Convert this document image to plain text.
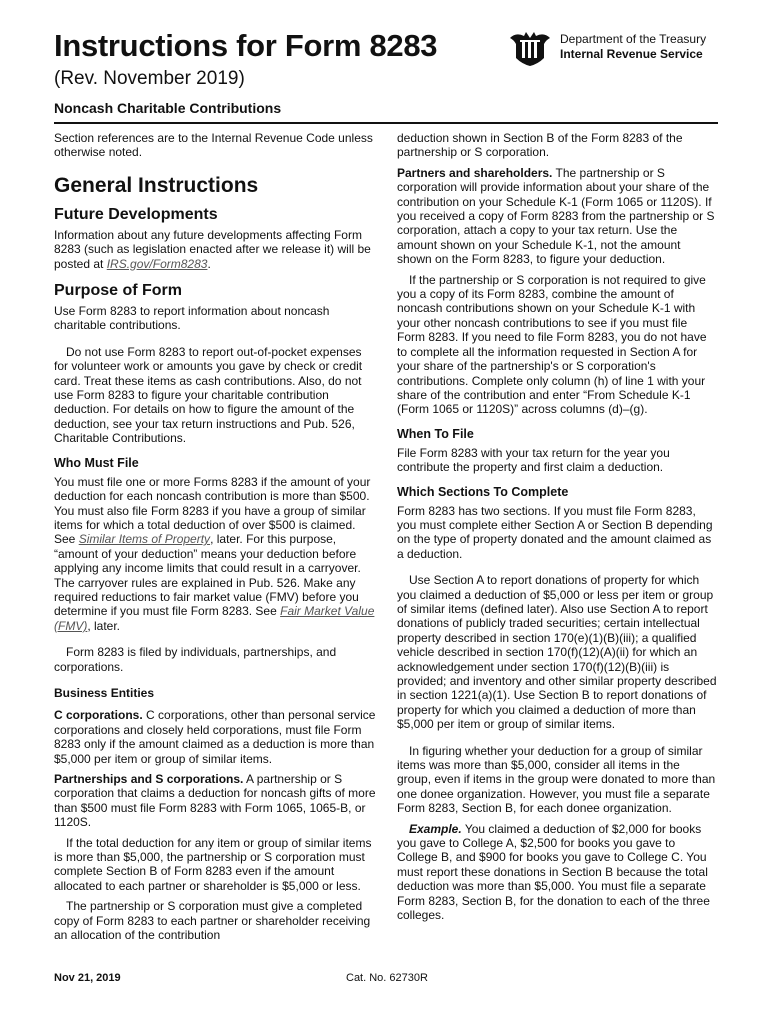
Instructions for Form 8283
(Rev. November 2019)
Noncash Charitable Contributions
Department of the Treasury
Internal Revenue Service

Section references are to the Internal Revenue Code unless otherwise noted.

General Instructions
Future Developments

Information about any future developments affecting Form 8283 (such as legislation enacted after we release it) will be posted at IRS.gov/Form8283.

Purpose of Form

Use Form 8283 to report information about noncash charitable contributions.

Do not use Form 8283 to report out-of-pocket expenses for volunteer work or amounts you gave by check or credit card. Treat these items as cash contributions. Also, do not use Form 8283 to figure your charitable contribution deduction. For details on how to figure the amount of the deduction, see your tax return instructions and Pub. 526, Charitable Contributions.

Who Must File

You must file one or more Forms 8283 if the amount of your deduction for each noncash contribution is more than $500. You must also file Form 8283 if you have a group of similar items for which a total deduction of over $500 is claimed. See Similar Items of Property, later. For this purpose, “amount of your deduction” means your deduction before applying any income limits that could result in a carryover. The carryover rules are explained in Pub. 526. Make any required reductions to fair market value (FMV) before you determine if you must file Form 8283. See Fair Market Value (FMV), later.

Form 8283 is filed by individuals, partnerships, and corporations.

Business Entities

C corporations. C corporations, other than personal service corporations and closely held corporations, must file Form 8283 only if the amount claimed as a deduction is more than $5,000 per item or group of similar items.

Partnerships and S corporations. A partnership or S corporation that claims a deduction for noncash gifts of more than $500 must file Form 8283 with Form 1065, 1065-B, or 1120S.

If the total deduction for any item or group of similar items is more than $5,000, the partnership or S corporation must complete Section B of Form 8283 even if the amount allocated to each partner or shareholder is $5,000 or less.

The partnership or S corporation must give a completed copy of Form 8283 to each partner or shareholder receiving an allocation of the contribution

deduction shown in Section B of the Form 8283 of the partnership or S corporation.

Partners and shareholders. The partnership or S corporation will provide information about your share of the contribution on your Schedule K-1 (Form 1065 or 1120S). If you received a copy of Form 8283 from the partnership or S corporation, attach a copy to your tax return. Use the amount shown on your Schedule K-1, not the amount shown on the Form 8283, to figure your deduction.

If the partnership or S corporation is not required to give you a copy of its Form 8283, combine the amount of noncash contributions shown on your Schedule K-1 with your other noncash contributions to see if you must file Form 8283. If you need to file Form 8283, you do not have to complete all the information requested in Section A for your share of the partnership's or S corporation's contributions. Complete only column (h) of line 1 with your share of the contribution and enter “From Schedule K-1 (Form 1065 or 1120S)” across columns (d)–(g).

When To File

File Form 8283 with your tax return for the year you contribute the property and first claim a deduction.

Which Sections To Complete

Form 8283 has two sections. If you must file Form 8283, you must complete either Section A or Section B depending on the type of property donated and the amount claimed as a deduction.

Use Section A to report donations of property for which you claimed a deduction of $5,000 or less per item or group of similar items (defined later). Also use Section A to report donations of publicly traded securities; certain intellectual property described in section 170(e)(1)(B)(iii); a qualified vehicle described in section 170(f)(12)(A)(ii) for which an acknowledgement under section 170(f)(12)(B)(iii) is provided; and inventory and other similar property described in section 1221(a)(1). Use Section B to report donations of property for which you claimed a deduction of more than $5,000 per item or group of similar items.

In figuring whether your deduction for a group of similar items was more than $5,000, consider all items in the group, even if items in the group were donated to more than one donee organization. However, you must file a separate Form 8283, Section B, for each donee organization.

Example. You claimed a deduction of $2,000 for books you gave to College A, $2,500 for books you gave to College B, and $900 for books you gave to College C. You must report these donations in Section B because the total deduction was more than $5,000. You must file a separate Form 8283, Section B, for the donation to each of the three colleges.

Nov 21, 2019	Cat. No. 62730R
